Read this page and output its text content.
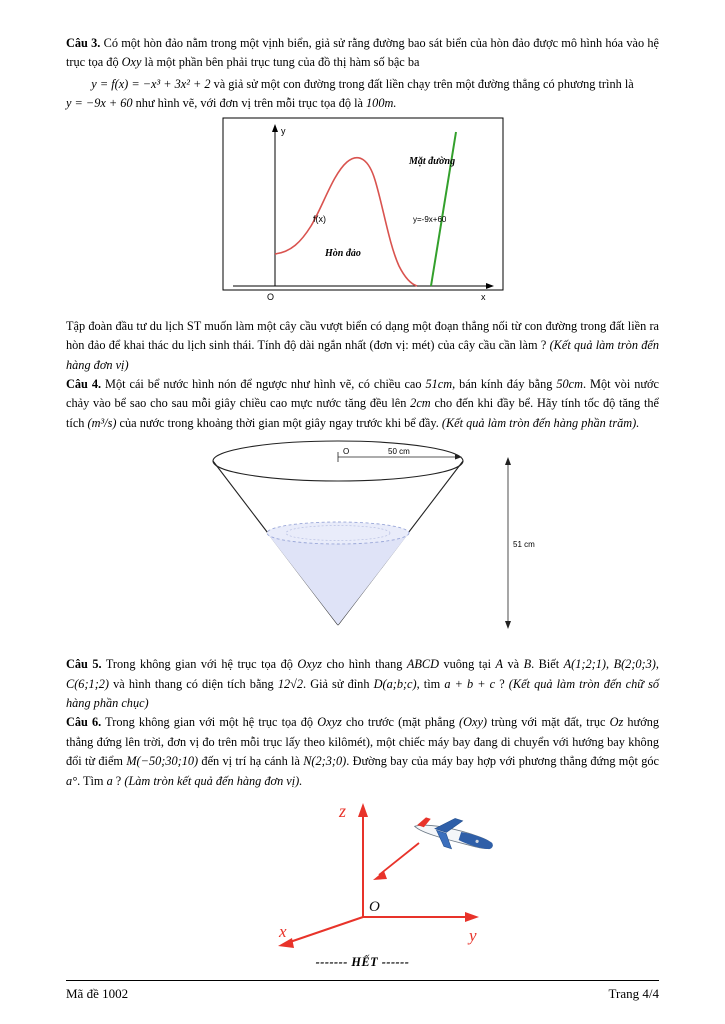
Câu 3. Có một hòn đảo nằm trong một vịnh biển, giả sử rằng đường bao sát biển của hòn đảo được mô hình hóa vào hệ trục tọa độ Oxy là một phần bên phải trục tung của đồ thị hàm số bậc ba

y = f(x) = −x³ + 3x² + 2 và giả sử một con đường trong đất liền chạy trên một đường thẳng có phương trình là

y = −9x + 60 như hình vẽ, với đơn vị trên mỗi trục tọa độ là 100m.

y
x
O
f(x)
Hòn đảo
Mặt đường
y=-9x+60

Tập đoàn đầu tư du lịch ST muốn làm một cây cầu vượt biển có dạng một đoạn thẳng nối từ con đường trong đất liền ra hòn đảo để khai thác du lịch sinh thái. Tính độ dài ngắn nhất (đơn vị: mét) của cây cầu cần làm ? (Kết quả làm tròn đến hàng đơn vị)

Câu 4. Một cái bể nước hình nón để ngược như hình vẽ, có chiều cao 51cm, bán kính đáy bằng 50cm. Một vòi nước chảy vào bể sao cho sau mỗi giây chiều cao mực nước tăng đều lên 2cm cho đến khi đầy bể. Hãy tính tốc độ tăng thể tích (m³/s) của nước trong khoảng thời gian một giây ngay trước khi bể đầy. (Kết quả làm tròn đến hàng phần trăm).

O	50 cm
51 cm

Câu 5. Trong không gian với hệ trục tọa độ Oxyz cho hình thang ABCD vuông tại A và B. Biết A(1;2;1), B(2;0;3), C(6;1;2) và hình thang có diện tích bằng 12√2. Giả sử đỉnh D(a;b;c), tìm a + b + c ? (Kết quả làm tròn đến chữ số hàng phần chục)

Câu 6. Trong không gian với một hệ trục tọa độ Oxyz cho trước (mặt phẳng (Oxy) trùng với mặt đất, trục Oz hướng thẳng đứng lên trời, đơn vị đo trên mỗi trục lấy theo kilômét), một chiếc máy bay đang di chuyển với hướng bay không đổi từ điểm M(−50;30;10) đến vị trí hạ cánh là N(2;3;0). Đường bay của máy bay hợp với phương thẳng đứng một góc a°. Tìm a ? (Làm tròn kết quả đến hàng đơn vị).

z
O
y
x

------- HẾT ------

Mã đề 1002	Trang 4/4
